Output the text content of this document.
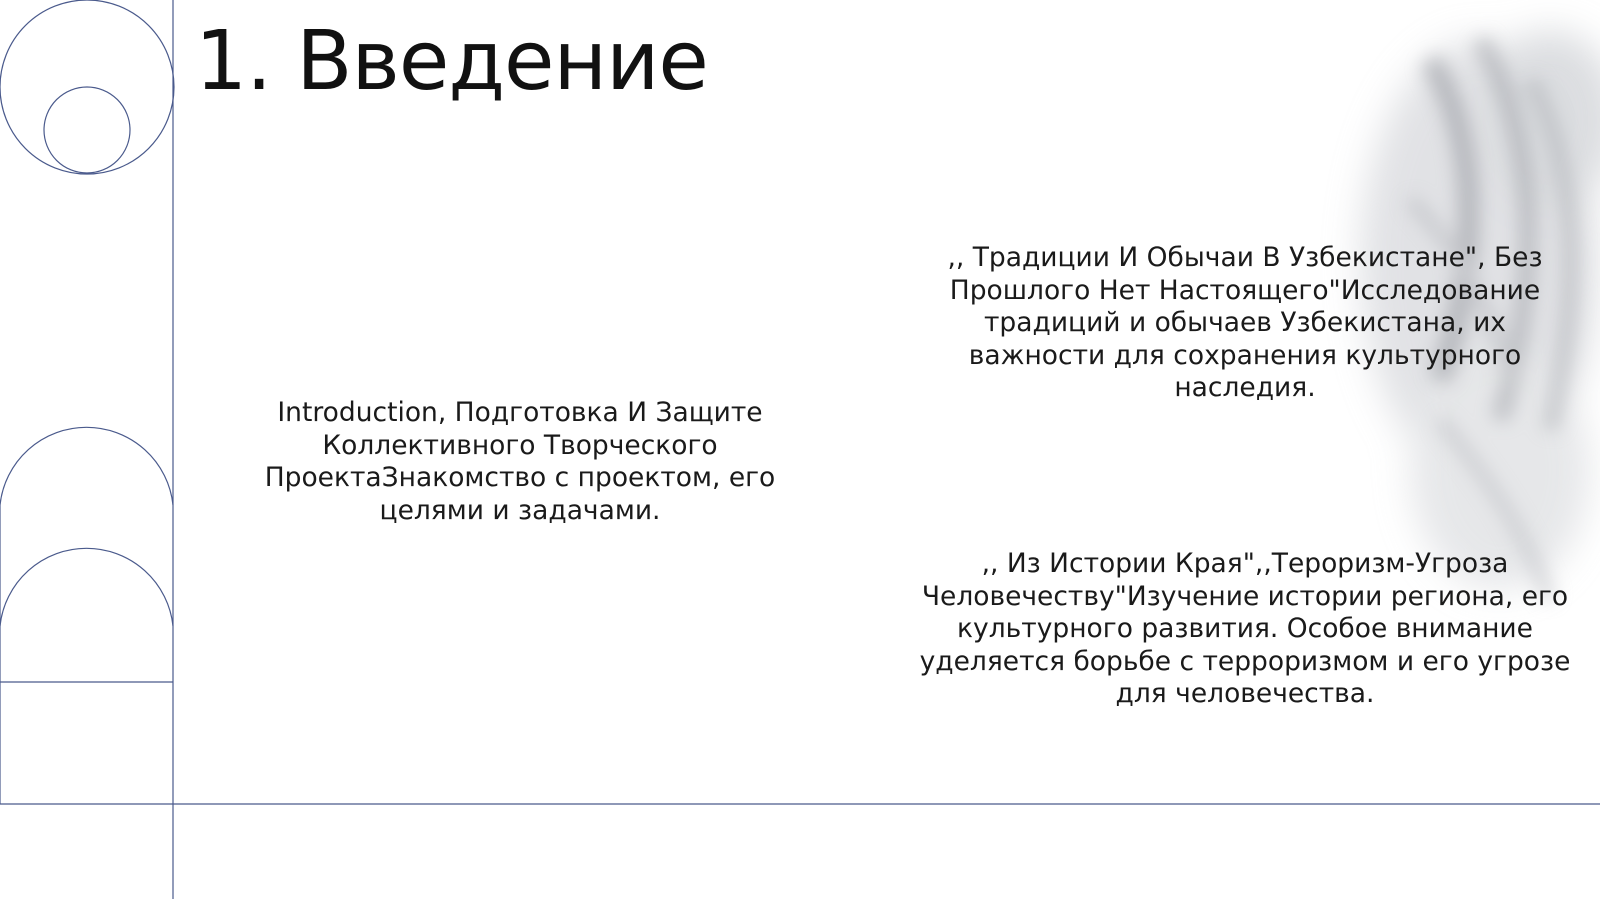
1. Введение

Introduction, Подготовка И Защите Коллективного Творческого ПроектаЗнакомство с проектом, его целями и задачами.

,, Традиции И Обычаи В Узбекистане", Без Прошлого Нет Настоящего"Исследование традиций и обычаев Узбекистана, их важности для сохранения культурного наследия.

,, Из Истории Края",,Тероризм-Угроза Человечеству"Изучение истории региона, его культурного развития. Особое внимание уделяется борьбе с терроризмом и его угрозе для человечества.
